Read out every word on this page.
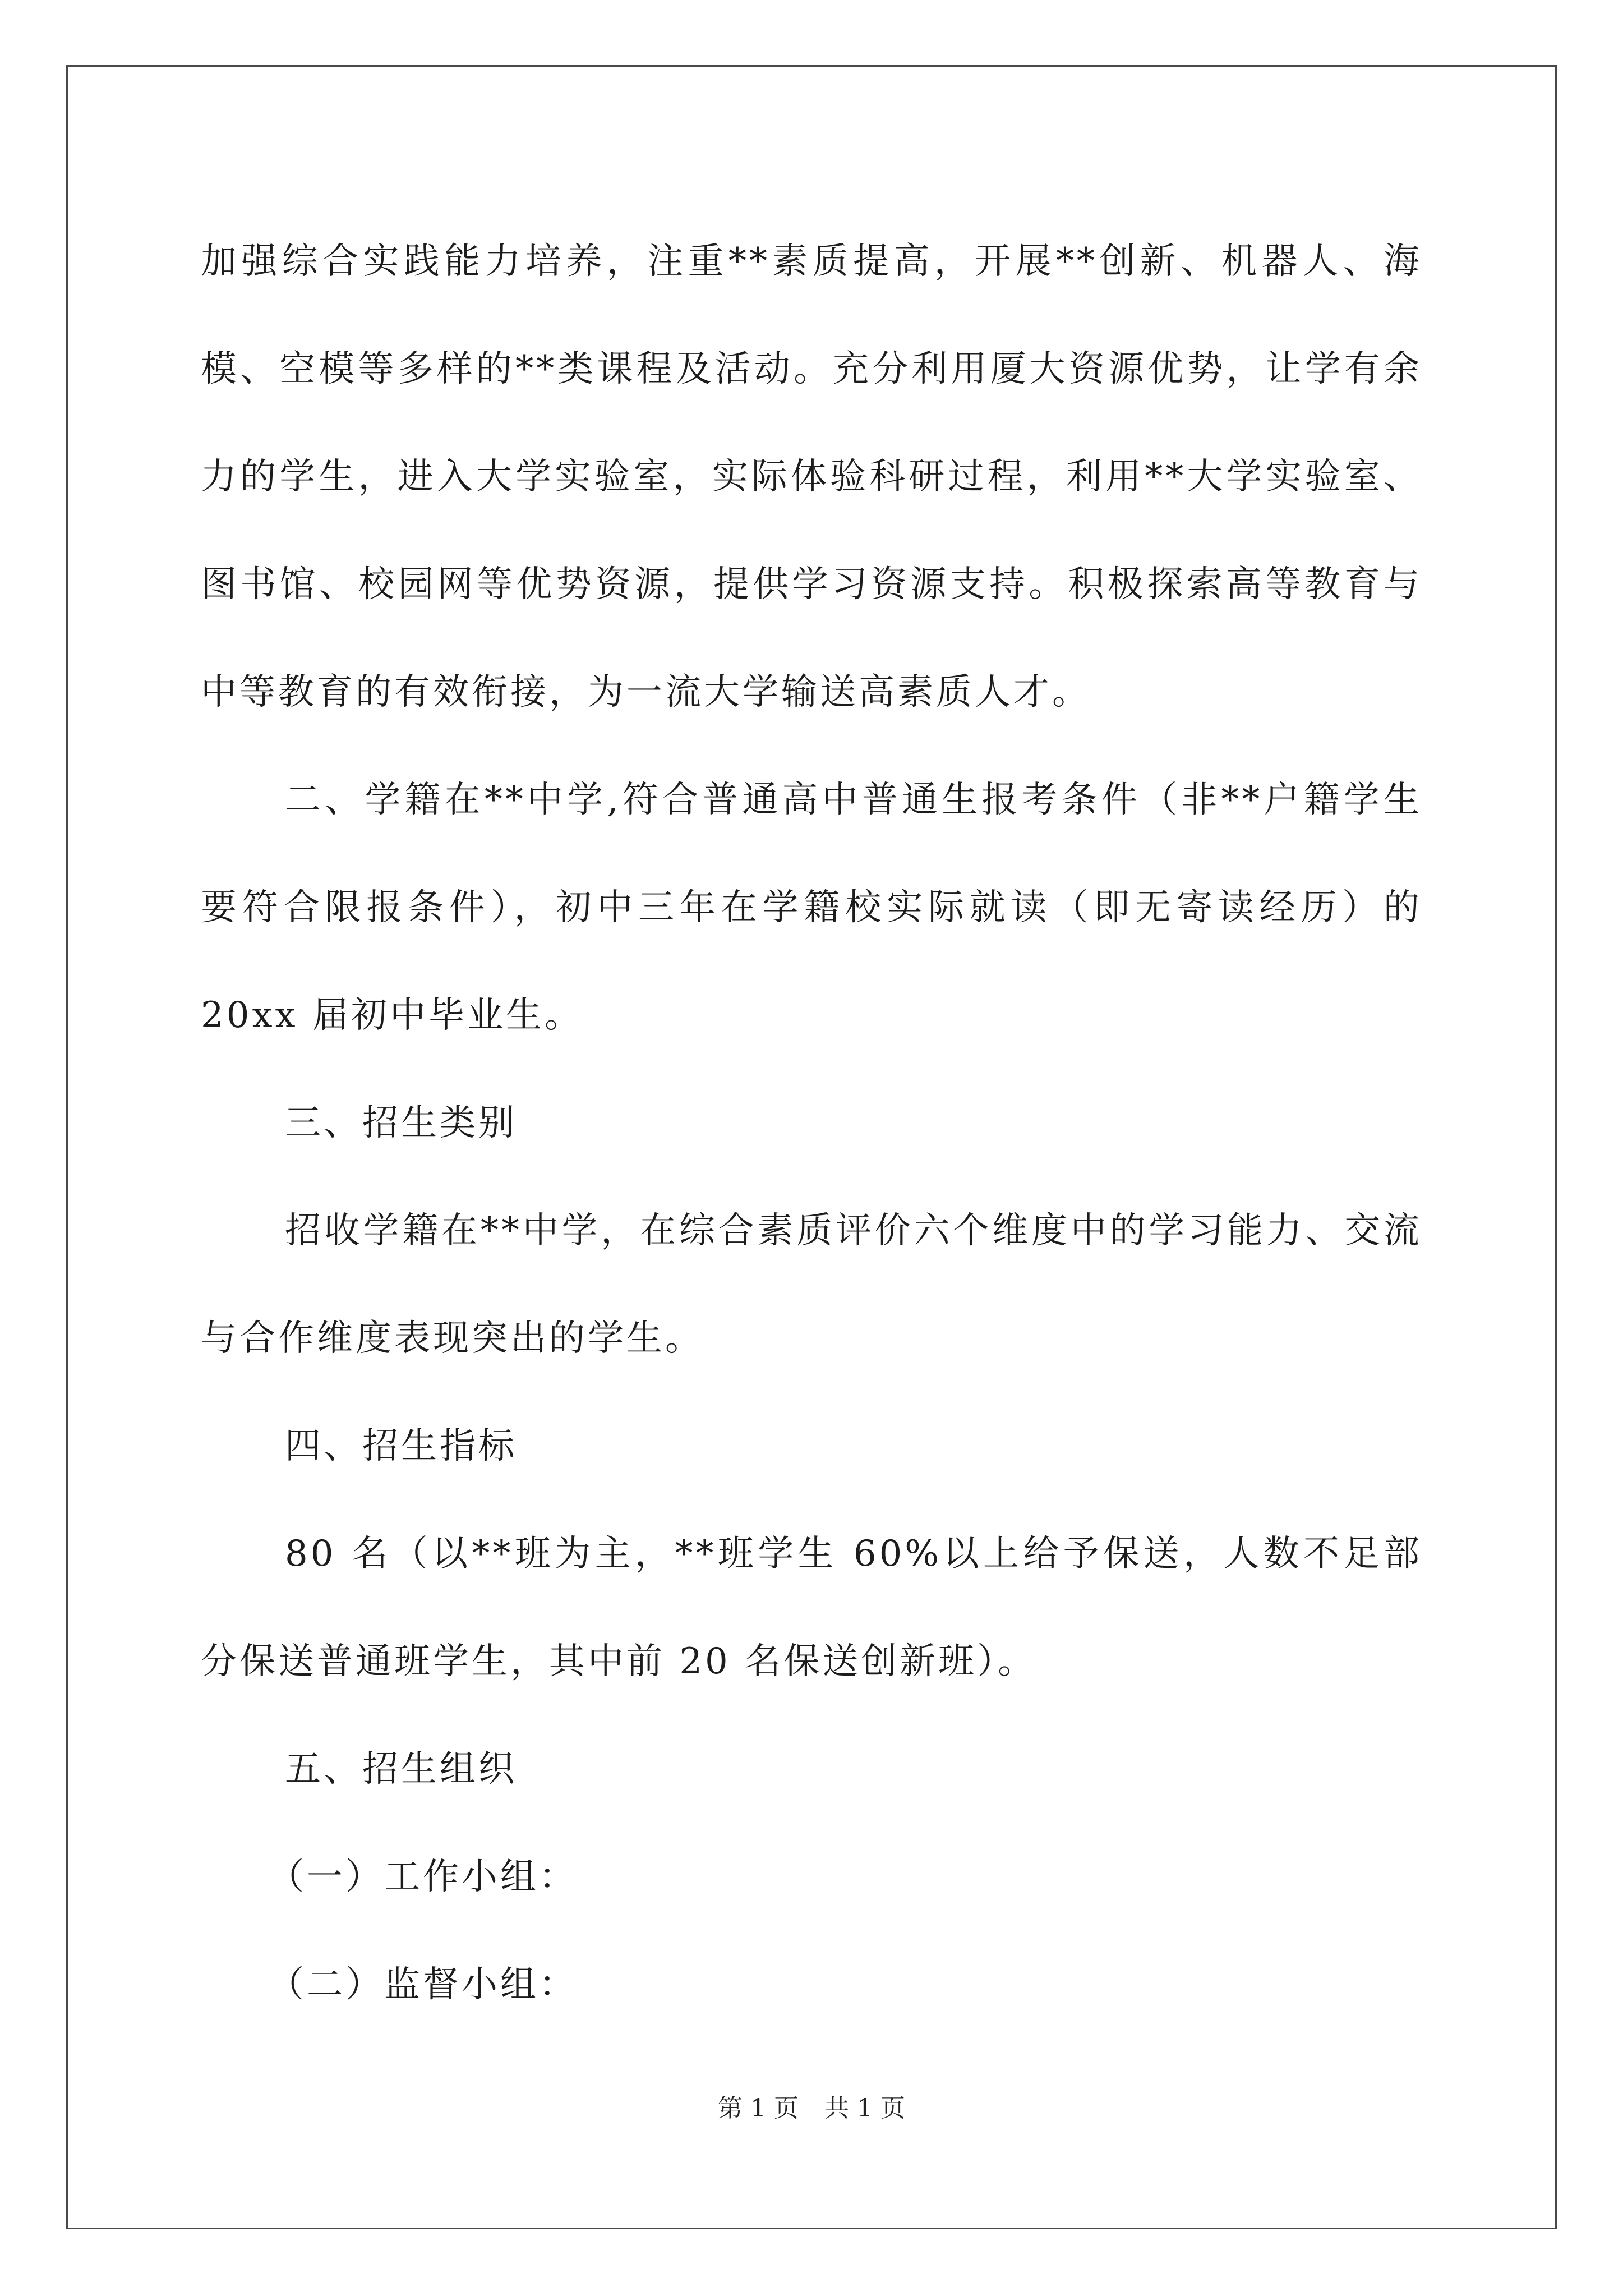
加强综合实践能力培养，注重**素质提高，开展**创新、机器人、海模、空模等多样的**类课程及活动。充分利用厦大资源优势，让学有余力的学生，进入大学实验室，实际体验科研过程，利用**大学实验室、图书馆、校园网等优势资源，提供学习资源支持。积极探索高等教育与中等教育的有效衔接，为一流大学输送高素质人才。

二、学籍在**中学,符合普通高中普通生报考条件（非**户籍学生要符合限报条件），初中三年在学籍校实际就读（即无寄读经历）的20xx 届初中毕业生。

三、招生类别

招收学籍在**中学，在综合素质评价六个维度中的学习能力、交流与合作维度表现突出的学生。

四、招生指标

80 名（以**班为主，**班学生 60%以上给予保送，人数不足部分保送普通班学生，其中前 20 名保送创新班）。

五、招生组织

（一）工作小组：

（二）监督小组：

第 1 页 共 1 页
